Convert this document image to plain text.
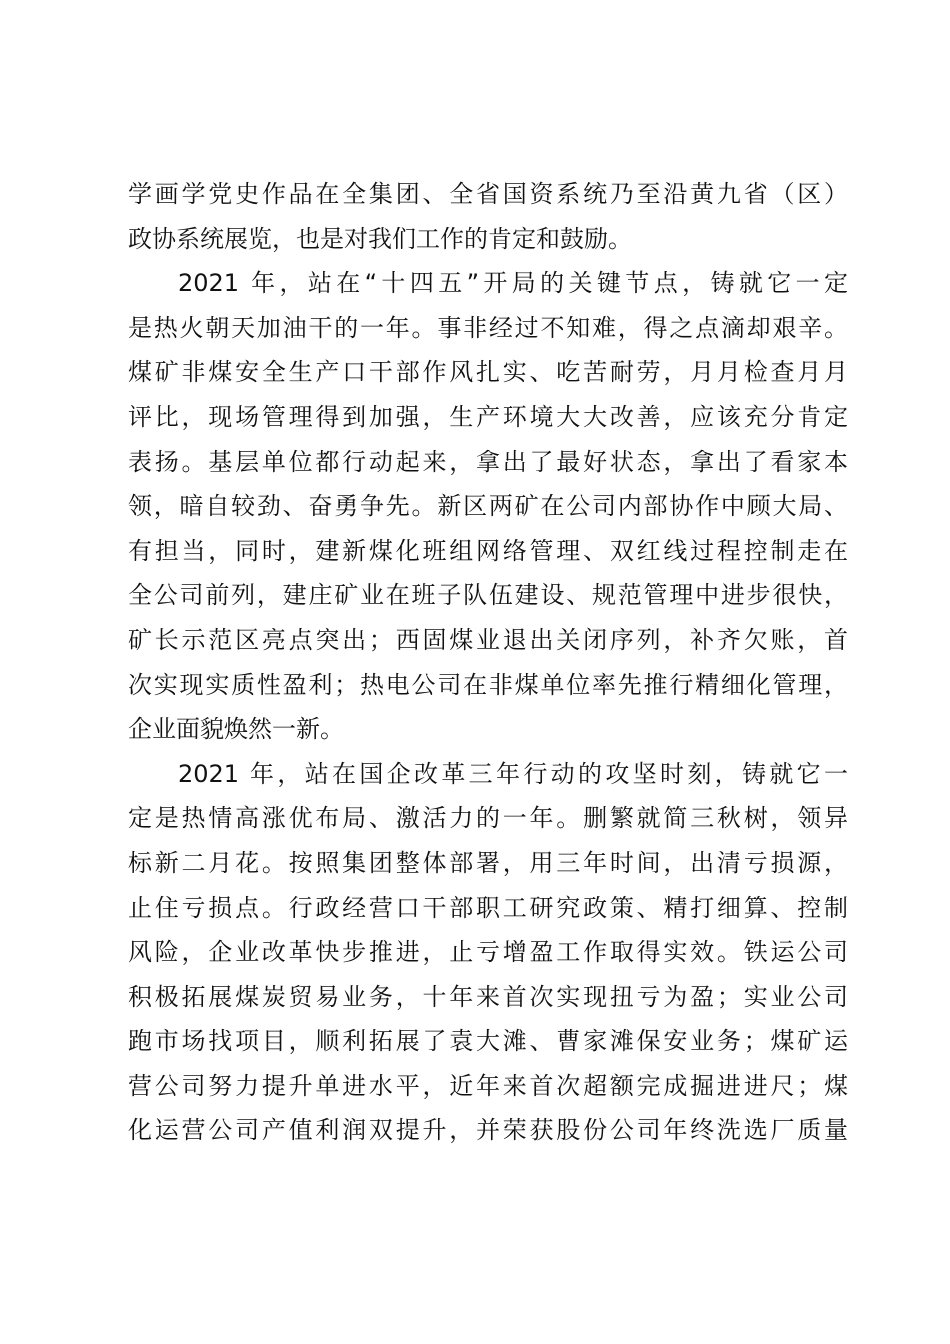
学画学党史作品在全集团、全省国资系统乃至沿黄九省（区）
政协系统展览，也是对我们工作的肯定和鼓励。
2021 年，站在“十四五”开局的关键节点，铸就它一定
是热火朝天加油干的一年。事非经过不知难，得之点滴却艰辛。
煤矿非煤安全生产口干部作风扎实、吃苦耐劳，月月检查月月
评比，现场管理得到加强，生产环境大大改善，应该充分肯定
表扬。基层单位都行动起来，拿出了最好状态，拿出了看家本
领，暗自较劲、奋勇争先。新区两矿在公司内部协作中顾大局、
有担当，同时，建新煤化班组网络管理、双红线过程控制走在
全公司前列，建庄矿业在班子队伍建设、规范管理中进步很快，
矿长示范区亮点突出；西固煤业退出关闭序列，补齐欠账，首
次实现实质性盈利；热电公司在非煤单位率先推行精细化管理，
企业面貌焕然一新。
2021 年，站在国企改革三年行动的攻坚时刻，铸就它一
定是热情高涨优布局、激活力的一年。删繁就简三秋树，领异
标新二月花。按照集团整体部署，用三年时间，出清亏损源，
止住亏损点。行政经营口干部职工研究政策、精打细算、控制
风险，企业改革快步推进，止亏增盈工作取得实效。铁运公司
积极拓展煤炭贸易业务，十年来首次实现扭亏为盈；实业公司
跑市场找项目，顺利拓展了袁大滩、曹家滩保安业务；煤矿运
营公司努力提升单进水平，近年来首次超额完成掘进进尺；煤
化运营公司产值利润双提升，并荣获股份公司年终洗选厂质量
